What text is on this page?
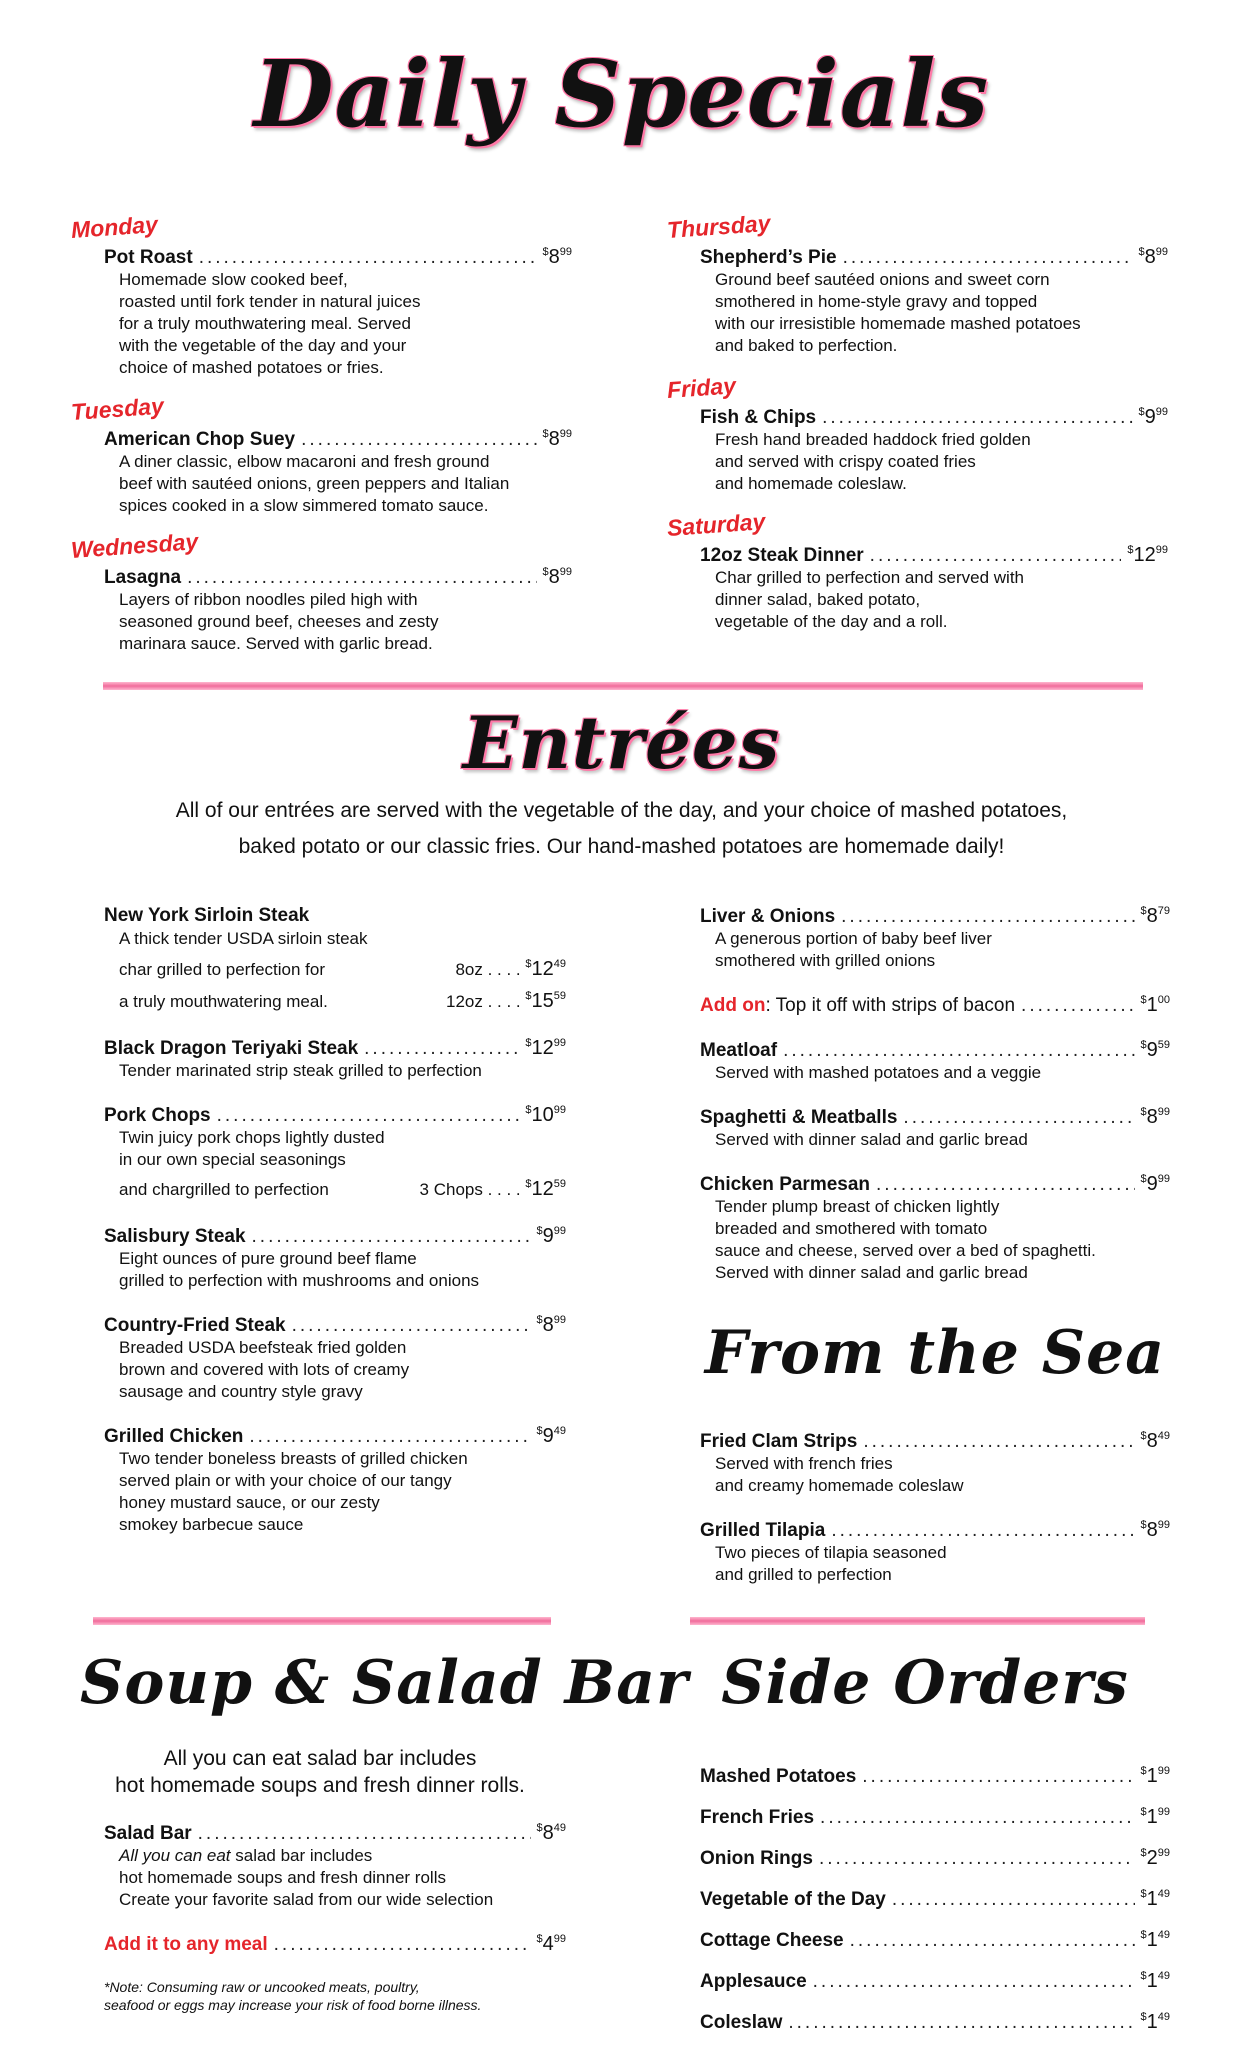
Daily Specials
Monday
Pot Roast .....	$^{\$}8^{99}$
Homemade slow cooked beef,
roasted until fork tender in natural juices
for a truly mouthwatering meal. Served
with the vegetable of the day and your
choice of mashed potatoes or fries.
Tuesday
American Chop Suey .....	$^{\$}8^{99}$
A diner classic, elbow macaroni and fresh ground
beef with sautéed onions, green peppers and Italian
spices cooked in a slow simmered tomato sauce.
Wednesday
Lasagna .....	$^{\$}8^{99}$
Layers of ribbon noodles piled high with
seasoned ground beef, cheeses and zesty
marinara sauce. Served with garlic bread.
Thursday
Shepherd’s Pie .....	$^{\$}8^{99}$
Ground beef sautéed onions and sweet corn
smothered in home-style gravy and topped
with our irresistible homemade mashed potatoes
and baked to perfection.
Friday
Fish & Chips .....	$^{\$}9^{99}$
Fresh hand breaded haddock fried golden
and served with crispy coated fries
and homemade coleslaw.
Saturday
12oz Steak Dinner .....	$^{\$}12^{99}$
Char grilled to perfection and served with
dinner salad, baked potato,
vegetable of the day and a roll.
Entrées
All of our entrées are served with the vegetable of the day, and your choice of mashed potatoes,
baked potato or our classic fries. Our hand-mashed potatoes are homemade daily!
New York Sirloin Steak
A thick tender USDA sirloin steak
char grilled to perfection for	8oz . . . . $^{\$}12^{49}$
a truly mouthwatering meal.	12oz . . . . $^{\$}15^{59}$
Black Dragon Teriyaki Steak .....	$^{\$}12^{99}$
Tender marinated strip steak grilled to perfection
Pork Chops .....	$^{\$}10^{99}$
Twin juicy pork chops lightly dusted
in our own special seasonings
and chargrilled to perfection	3 Chops . . . . $^{\$}12^{59}$
Salisbury Steak .....	$^{\$}9^{99}$
Eight ounces of pure ground beef flame
grilled to perfection with mushrooms and onions
Country-Fried Steak .....	$^{\$}8^{99}$
Breaded USDA beefsteak fried golden
brown and covered with lots of creamy
sausage and country style gravy
Grilled Chicken .....	$^{\$}9^{49}$
Two tender boneless breasts of grilled chicken
served plain or with your choice of our tangy
honey mustard sauce, or our zesty
smokey barbecue sauce
Liver & Onions .....	$^{\$}8^{79}$
A generous portion of baby beef liver
smothered with grilled onions
Add on : Top it off with strips of bacon .....	$^{\$}1^{00}$
Meatloaf .....	$^{\$}9^{59}$
Served with mashed potatoes and a veggie
Spaghetti & Meatballs .....	$^{\$}8^{99}$
Served with dinner salad and garlic bread
Chicken Parmesan .....	$^{\$}9^{99}$
Tender plump breast of chicken lightly
breaded and smothered with tomato
sauce and cheese, served over a bed of spaghetti.
Served with dinner salad and garlic bread
From the Sea
Fried Clam Strips .....	$^{\$}8^{49}$
Served with french fries
and creamy homemade coleslaw
Grilled Tilapia .....	$^{\$}8^{99}$
Two pieces of tilapia seasoned
and grilled to perfection
Soup & Salad Bar
All you can eat salad bar includes
hot homemade soups and fresh dinner rolls.
Salad Bar .....	$^{\$}8^{49}$
All you can eat salad bar includes
hot homemade soups and fresh dinner rolls
Create your favorite salad from our wide selection
Add it to any meal .....	$^{\$}4^{99}$
*Note: Consuming raw or uncooked meats, poultry,
seafood or eggs may increase your risk of food borne illness.
Side Orders
Mashed Potatoes .....	$^{\$}1^{99}$
French Fries .....	$^{\$}1^{99}$
Onion Rings .....	$^{\$}2^{99}$
Vegetable of the Day .....	$^{\$}1^{49}$
Cottage Cheese .....	$^{\$}1^{49}$
Applesauce .....	$^{\$}1^{49}$
Coleslaw .....	$^{\$}1^{49}$
